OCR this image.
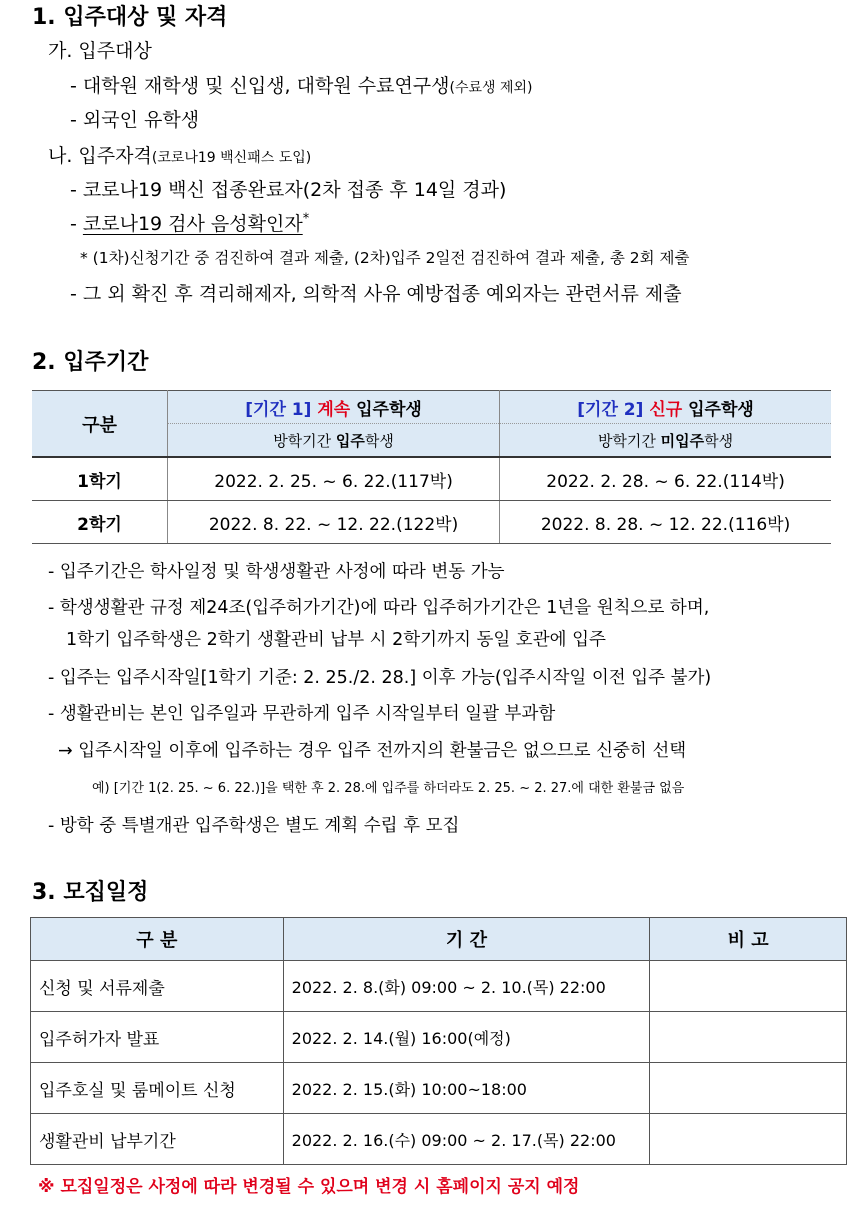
1. 입주대상 및 자격
가. 입주대상
- 대학원 재학생 및 신입생, 대학원 수료연구생(수료생 제외)
- 외국인 유학생
나. 입주자격(코로나19 백신패스 도입)
- 코로나19 백신 접종완료자(2차 접종 후 14일 경과)
- 코로나19 검사 음성확인자*
* (1차)신청기간 중 검진하여 결과 제출, (2차)입주 2일전 검진하여 결과 제출, 총 2회 제출
- 그 외 확진 후 격리해제자, 의학적 사유 예방접종 예외자는 관련서류 제출
2. 입주기간
구분	[기간 1] 계속 입주학생	[기간 2] 신규 입주학생
	방학기간 입주학생	방학기간 미입주학생
1학기	2022. 2. 25. ~ 6. 22.(117박)	2022. 2. 28. ~ 6. 22.(114박)
2학기	2022. 8. 22. ~ 12. 22.(122박)	2022. 8. 28. ~ 12. 22.(116박)
- 입주기간은 학사일정 및 학생생활관 사정에 따라 변동 가능
- 학생생활관 규정 제24조(입주허가기간)에 따라 입주허가기간은 1년을 원칙으로 하며,
1학기 입주학생은 2학기 생활관비 납부 시 2학기까지 동일 호관에 입주
- 입주는 입주시작일[1학기 기준: 2. 25./2. 28.] 이후 가능(입주시작일 이전 입주 불가)
- 생활관비는 본인 입주일과 무관하게 입주 시작일부터 일괄 부과함
→ 입주시작일 이후에 입주하는 경우 입주 전까지의 환불금은 없으므로 신중히 선택
예) [기간 1(2. 25. ~ 6. 22.)]을 택한 후 2. 28.에 입주를 하더라도 2. 25. ~ 2. 27.에 대한 환불금 없음
- 방학 중 특별개관 입주학생은 별도 계획 수립 후 모집
3. 모집일정
구 분	기 간	비 고
신청 및 서류제출	2022. 2. 8.(화) 09:00 ~ 2. 10.(목) 22:00	
입주허가자 발표	2022. 2. 14.(월) 16:00(예정)	
입주호실 및 룸메이트 신청	2022. 2. 15.(화) 10:00~18:00	
생활관비 납부기간	2022. 2. 16.(수) 09:00 ~ 2. 17.(목) 22:00	
※ 모집일정은 사정에 따라 변경될 수 있으며 변경 시 홈페이지 공지 예정
